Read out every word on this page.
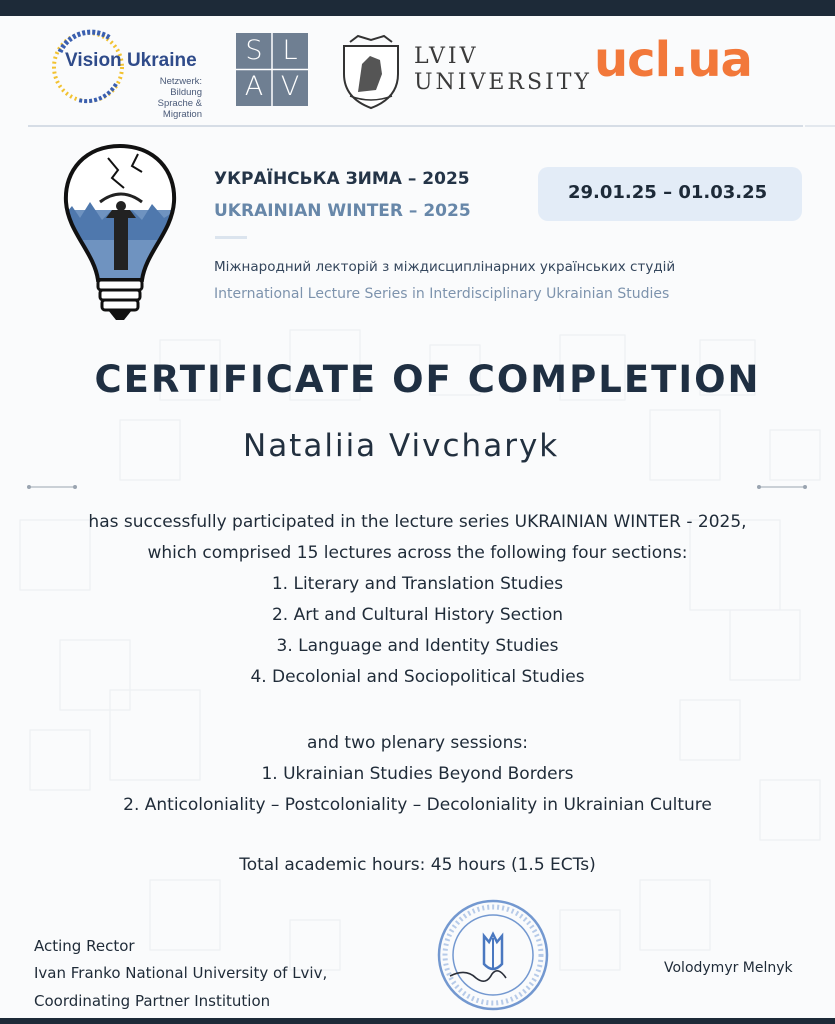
Vision Ukraine
Netzwerk: Bildung
Sprache & Migration
S L
A V
LVIV
UNIVERSITY ucl.ua
УКРАЇНСЬКА ЗИМА – 2025
UKRAINIAN WINTER – 2025
29.01.25 – 01.03.25
Міжнародний лекторій з міждисциплінарних українських студій
International Lecture Series in Interdisciplinary Ukrainian Studies
CERTIFICATE OF COMPLETION
Nataliia Vivcharyk
has successfully participated in the lecture series UKRAINIAN WINTER - 2025,
which comprised 15 lectures across the following four sections:
1. Literary and Translation Studies
2. Art and Cultural History Section
3. Language and Identity Studies
4. Decolonial and Sociopolitical Studies
and two plenary sessions:
1. Ukrainian Studies Beyond Borders
2. Anticoloniality – Postcoloniality – Decoloniality in Ukrainian Culture
Total academic hours: 45 hours (1.5 ECTs)
Acting Rector
Ivan Franko National University of Lviv,
Coordinating Partner Institution
Volodymyr Melnyk
